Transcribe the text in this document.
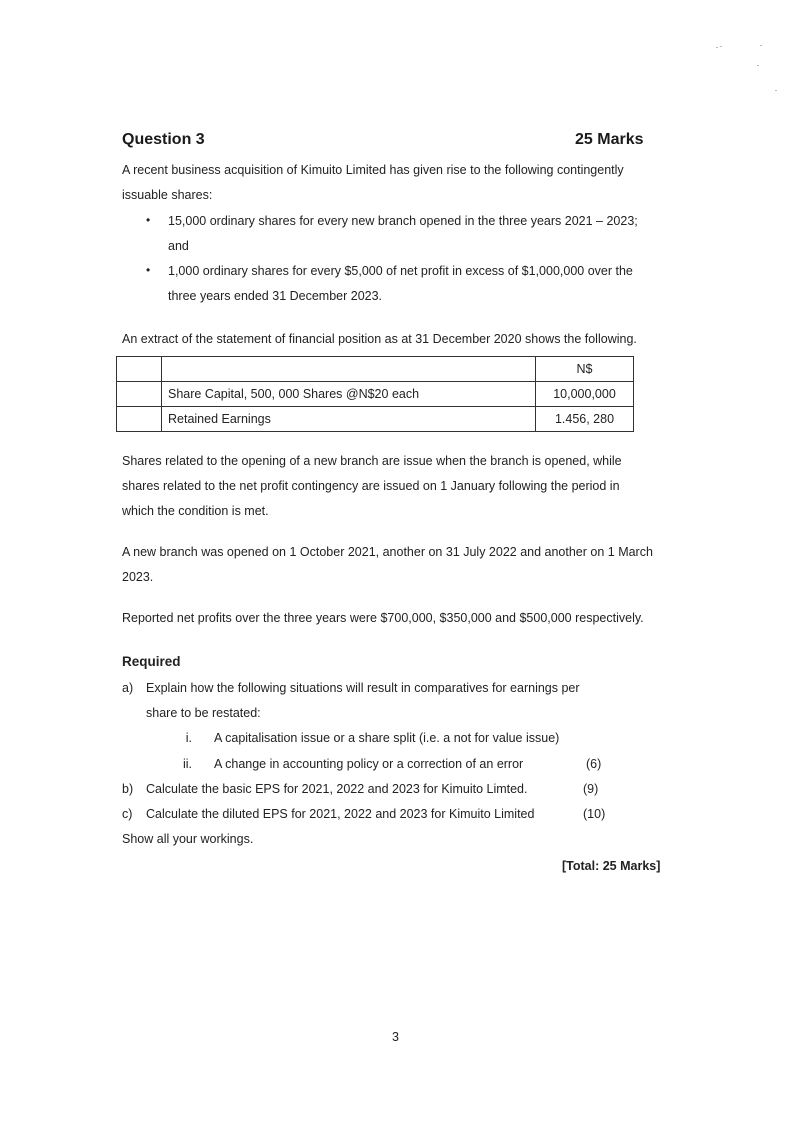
Question 3	25 Marks
A recent business acquisition of Kimuito Limited has given rise to the following contingently issuable shares:
• 15,000 ordinary shares for every new branch opened in the three years 2021 – 2023;
and
• 1,000 ordinary shares for every $5,000 of net profit in excess of $1,000,000 over the
three years ended 31 December 2023.
An extract of the statement of financial position as at 31 December 2020 shows the following.
		N$
	Share Capital, 500, 000 Shares @N$20 each	10,000,000
	Retained Earnings	1.456, 280
Shares related to the opening of a new branch are issue when the branch is opened, while
shares related to the net profit contingency are issued on 1 January following the period in
which the condition is met.
A new branch was opened on 1 October 2021, another on 31 July 2022 and another on 1 March
2023.
Reported net profits over the three years were $700,000, $350,000 and $500,000 respectively.
Required
a) Explain how the following situations will result in comparatives for earnings per
share to be restated:
i. A capitalisation issue or a share split (i.e. a not for value issue)
ii. A change in accounting policy or a correction of an error	(6)
b) Calculate the basic EPS for 2021, 2022 and 2023 for Kimuito Limted.	(9)
c) Calculate the diluted EPS for 2021, 2022 and 2023 for Kimuito Limited	(10)
Show all your workings.
[Total: 25 Marks]
3
